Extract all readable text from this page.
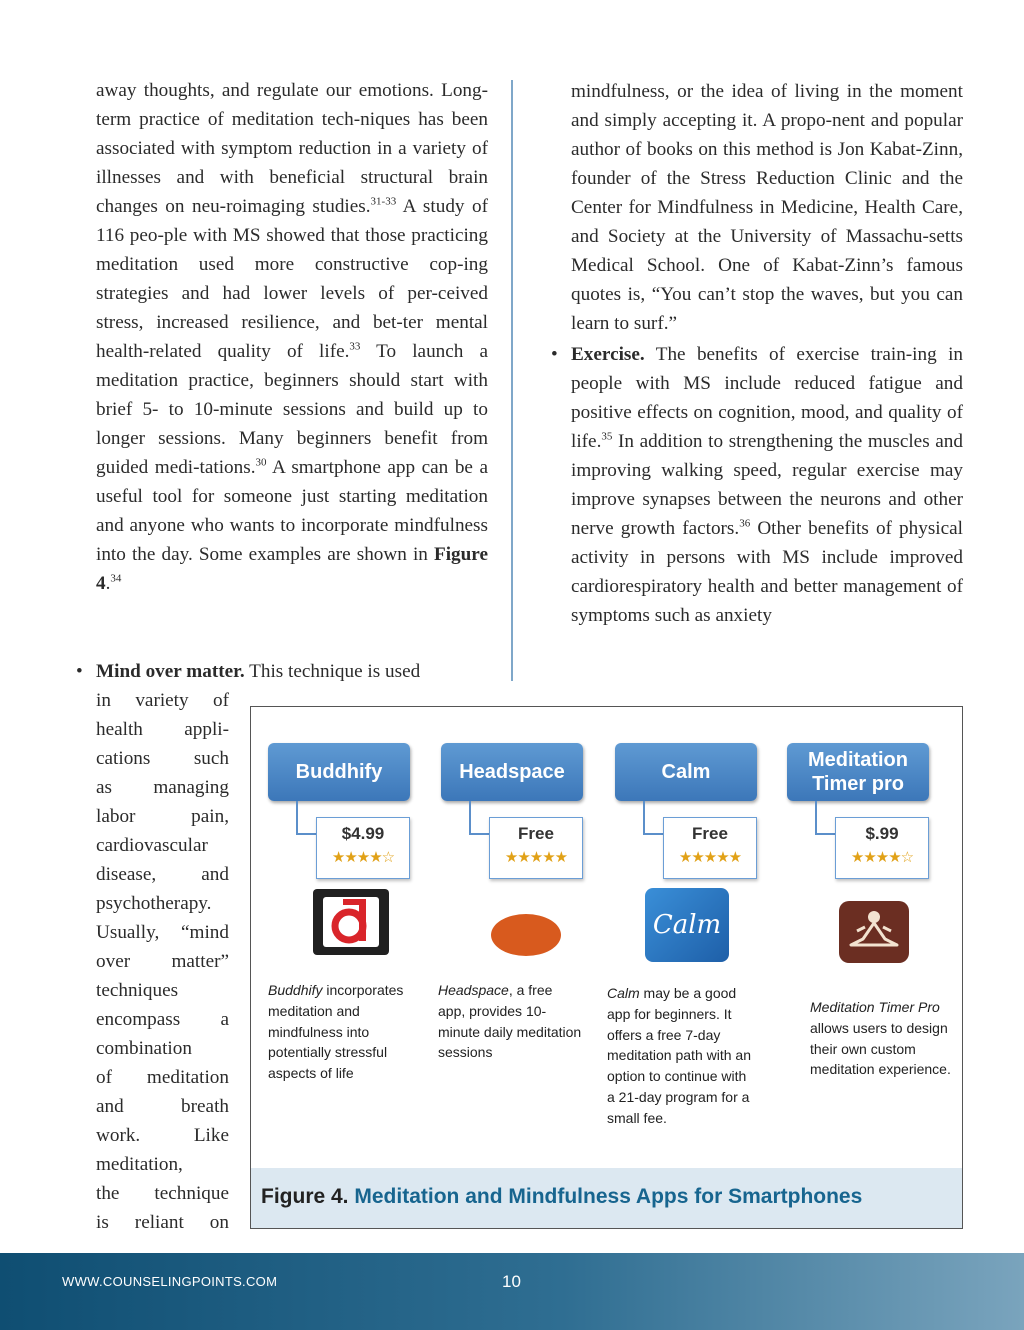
away thoughts, and regulate our emotions. Long-term practice of meditation tech-niques has been associated with symptom reduction in a variety of illnesses and with beneficial structural brain changes on neu-roimaging studies.$^{31-33}$ A study of 116 peo-ple with MS showed that those practicing meditation used more constructive cop-ing strategies and had lower levels of per-ceived stress, increased resilience, and bet-ter mental health-related quality of life.$^{33}$ To launch a meditation practice, beginners should start with brief 5- to 10-minute sessions and build up to longer sessions. Many beginners benefit from guided medi-tations.$^{30}$ A smartphone app can be a useful tool for someone just starting meditation and anyone who wants to incorporate mindfulness into the day. Some examples are shown in Figure 4.34

• Mind over matter. This technique is used
in variety of
health appli-
cations such
as managing
labor pain,
cardiovascular
disease, and
psychotherapy.
Usually, “mind
over matter”
techniques
encompass a
combination
of meditation
and breath
work. Like
meditation,
the technique
is reliant on

mindfulness, or the idea of living in the moment and simply accepting it. A propo-nent and popular author of books on this method is Jon Kabat-Zinn, founder of the Stress Reduction Clinic and the Center for Mindfulness in Medicine, Health Care, and Society at the University of Massachu-setts Medical School. One of Kabat-Zinn’s famous quotes is, “You can’t stop the waves, but you can learn to surf.”

• Exercise. The benefits of exercise train-ing in people with MS include reduced fatigue and positive effects on cognition, mood, and quality of life.$^{35}$ In addition to strengthening the muscles and improving walking speed, regular exercise may improve synapses between the neurons and other nerve growth factors.$^{36}$ Other benefits of physical activity in persons with MS include improved cardiorespiratory health and better management of symptoms such as anxiety

Buddhify
$4.99
★★★★☆
Buddhify incorporates meditation and mindfulness into potentially stressful aspects of life
Headspace
Free
★★★★★
Headspace, a free app, provides 10-minute daily meditation sessions
Calm
Free
★★★★★
Calm
Calm may be a good app for beginners. It offers a free 7-day meditation path with an option to continue with a 21-day program for a small fee.
Meditation Timer pro
$.99
★★★★☆
Meditation Timer Pro allows users to design their own custom meditation experience.
Figure 4. Meditation and Mindfulness Apps for Smartphones
WWW.COUNSELINGPOINTS.COM	10
